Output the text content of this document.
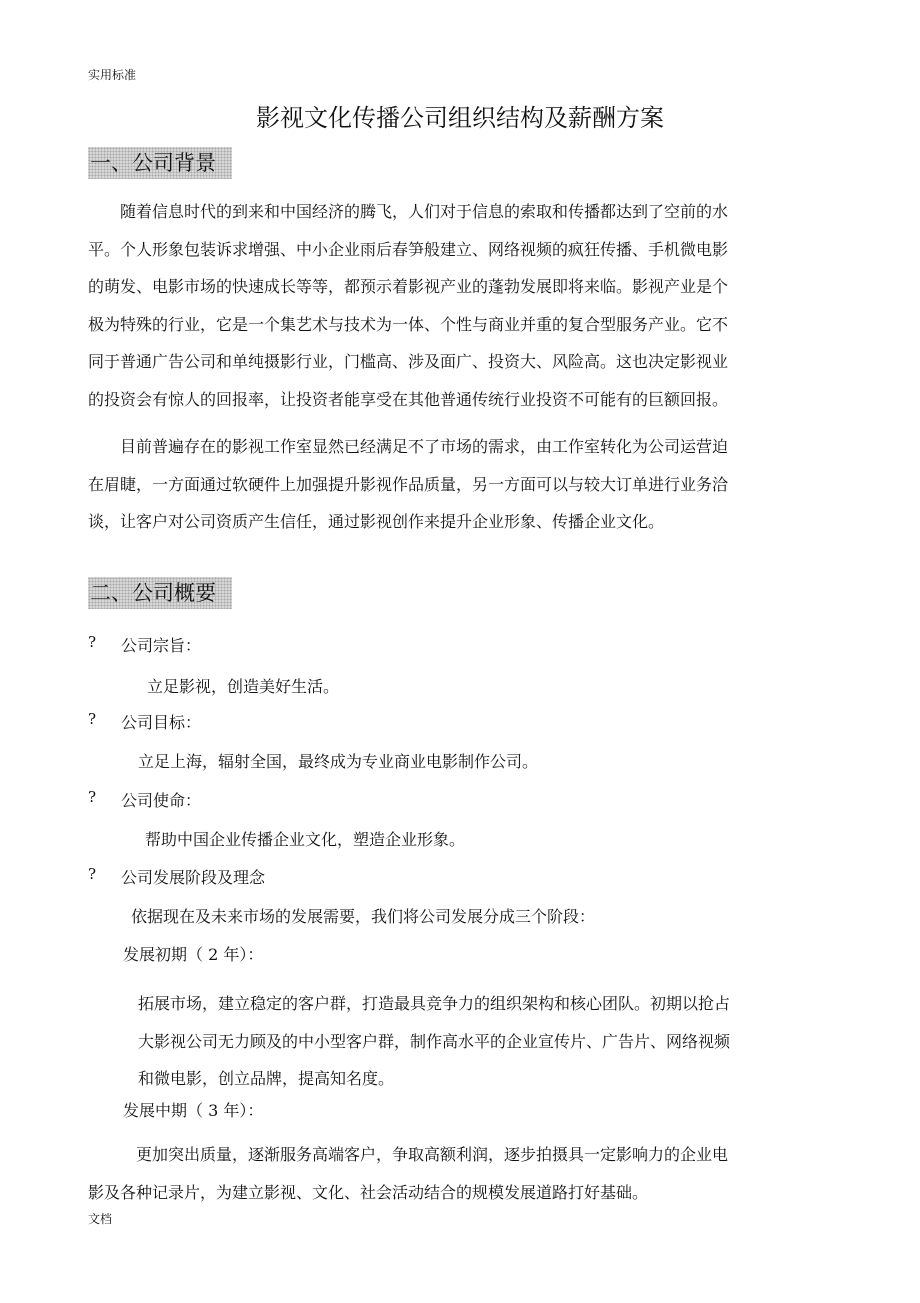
实用标准
影视文化传播公司组织结构及薪酬方案
一、公司背景

随着信息时代的到来和中国经济的腾飞，人们对于信息的索取和传播都达到了空前的水

平。个人形象包装诉求增强、中小企业雨后春笋般建立、网络视频的疯狂传播、手机微电影

的萌发、电影市场的快速成长等等，都预示着影视产业的蓬勃发展即将来临。影视产业是个

极为特殊的行业，它是一个集艺术与技术为一体、个性与商业并重的复合型服务产业。它不

同于普通广告公司和单纯摄影行业，门槛高、涉及面广、投资大、风险高。这也决定影视业

的投资会有惊人的回报率，让投资者能享受在其他普通传统行业投资不可能有的巨额回报。

目前普遍存在的影视工作室显然已经满足不了市场的需求，由工作室转化为公司运营迫

在眉睫，一方面通过软硬件上加强提升影视作品质量，另一方面可以与较大订单进行业务洽

谈，让客户对公司资质产生信任，通过影视创作来提升企业形象、传播企业文化。

二、公司概要
? 公司宗旨：
立足影视，创造美好生活。
? 公司目标：
立足上海，辐射全国，最终成为专业商业电影制作公司。
? 公司使命：
帮助中国企业传播企业文化，塑造企业形象。
? 公司发展阶段及理念
依据现在及未来市场的发展需要，我们将公司发展分成三个阶段：
发展初期（ 2 年）：

拓展市场，建立稳定的客户群，打造最具竞争力的组织架构和核心团队。初期以抢占

大影视公司无力顾及的中小型客户群，制作高水平的企业宣传片、广告片、网络视频

和微电影，创立品牌，提高知名度。

发展中期（ 3 年）：

更加突出质量，逐渐服务高端客户，争取高额利润，逐步拍摄具一定影响力的企业电

影及各种记录片，为建立影视、文化、社会活动结合的规模发展道路打好基础。

文档
